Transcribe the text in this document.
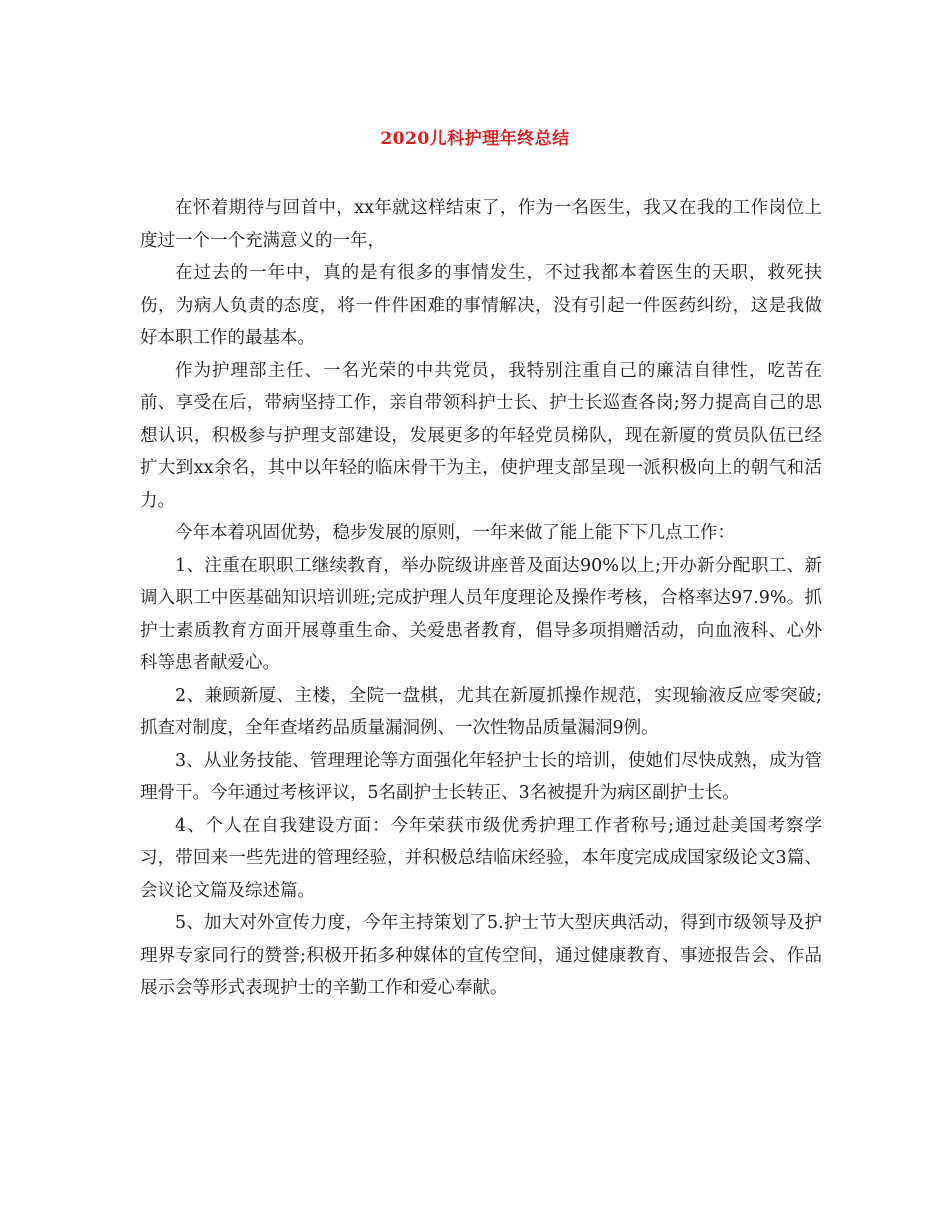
2020儿科护理年终总结

在怀着期待与回首中，xx年就这样结束了，作为一名医生，我又在我的工作岗位上度过一个一个充满意义的一年，

在过去的一年中，真的是有很多的事情发生，不过我都本着医生的天职，救死扶伤，为病人负责的态度，将一件件困难的事情解决，没有引起一件医药纠纷，这是我做好本职工作的最基本。

作为护理部主任、一名光荣的中共党员，我特别注重自己的廉洁自律性，吃苦在前、享受在后，带病坚持工作，亲自带领科护士长、护士长巡查各岗;努力提高自己的思想认识，积极参与护理支部建设，发展更多的年轻党员梯队，现在新厦的赏员队伍已经扩大到xx余名，其中以年轻的临床骨干为主，使护理支部呈现一派积极向上的朝气和活力。

今年本着巩固优势，稳步发展的原则，一年来做了能上能下下几点工作：

1、注重在职职工继续教育，举办院级讲座普及面达90%以上;开办新分配职工、新调入职工中医基础知识培训班;完成护理人员年度理论及操作考核，合格率达97.9%。抓护士素质教育方面开展尊重生命、关爱患者教育，倡导多项捐赠活动，向血液科、心外科等患者献爱心。

2、兼顾新厦、主楼，全院一盘棋，尤其在新厦抓操作规范，实现输液反应零突破;抓查对制度，全年查堵药品质量漏洞例、一次性物品质量漏洞9例。

3、从业务技能、管理理论等方面强化年轻护士长的培训，使她们尽快成熟，成为管理骨干。今年通过考核评议，5名副护士长转正、3名被提升为病区副护士长。

4、个人在自我建设方面：今年荣获市级优秀护理工作者称号;通过赴美国考察学习，带回来一些先进的管理经验，并积极总结临床经验，本年度完成成国家级论文3篇、会议论文篇及综述篇。

5、加大对外宣传力度，今年主持策划了5.护士节大型庆典活动，得到市级领导及护理界专家同行的赞誉;积极开拓多种媒体的宣传空间，通过健康教育、事迹报告会、作品展示会等形式表现护士的辛勤工作和爱心奉献。
